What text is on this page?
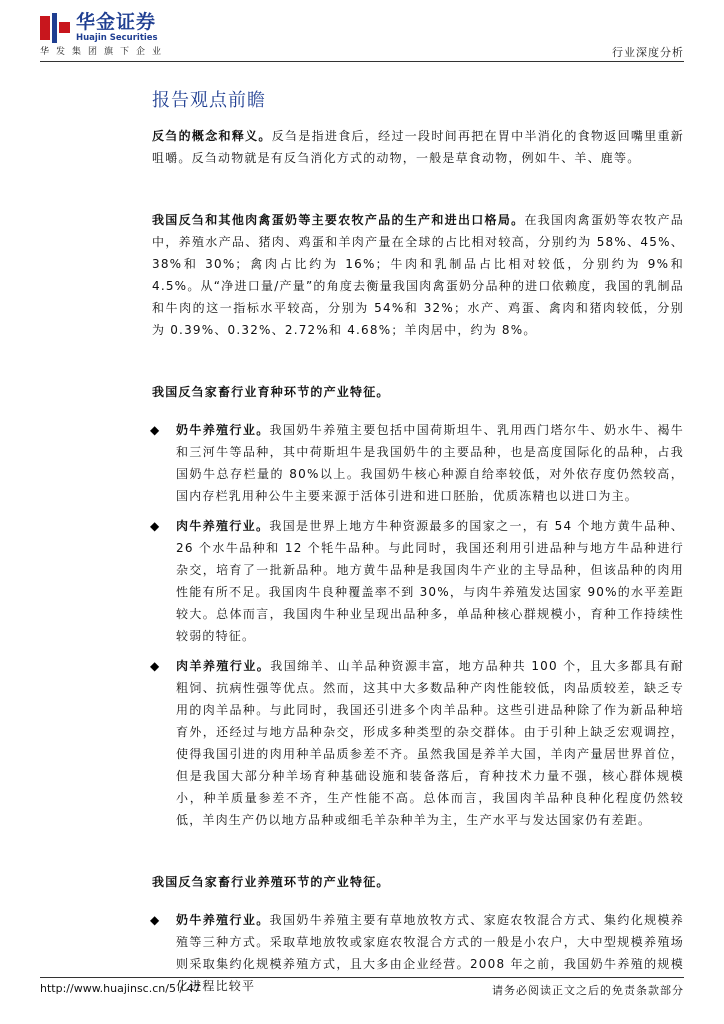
华金证券
Huajin Securities
华发集团旗下企业	行业深度分析
报告观点前瞻

反刍的概念和释义。反刍是指进食后，经过一段时间再把在胃中半消化的食物返回嘴里重新咀嚼。反刍动物就是有反刍消化方式的动物，一般是草食动物，例如牛、羊、鹿等。

我国反刍和其他肉禽蛋奶等主要农牧产品的生产和进出口格局。在我国肉禽蛋奶等农牧产品中，养殖水产品、猪肉、鸡蛋和羊肉产量在全球的占比相对较高，分别约为 58%、45%、38%和 30%；禽肉占比约为 16%；牛肉和乳制品占比相对较低，分别约为 9%和 4.5%。从“净进口量/产量”的角度去衡量我国肉禽蛋奶分品种的进口依赖度，我国的乳制品和牛肉的这一指标水平较高，分别为 54%和 32%；水产、鸡蛋、禽肉和猪肉较低，分别为 0.39%、0.32%、2.72%和 4.68%；羊肉居中，约为 8%。

我国反刍家畜行业育种环节的产业特征。

◆	奶牛养殖行业。我国奶牛养殖主要包括中国荷斯坦牛、乳用西门塔尔牛、奶水牛、褐牛和三河牛等品种，其中荷斯坦牛是我国奶牛的主要品种，也是高度国际化的品种，占我国奶牛总存栏量的 80%以上。我国奶牛核心种源自给率较低，对外依存度仍然较高，国内存栏乳用种公牛主要来源于活体引进和进口胚胎，优质冻精也以进口为主。

◆	肉牛养殖行业。我国是世界上地方牛种资源最多的国家之一，有 54 个地方黄牛品种、26 个水牛品种和 12 个牦牛品种。与此同时，我国还利用引进品种与地方牛品种进行杂交，培育了一批新品种。地方黄牛品种是我国肉牛产业的主导品种，但该品种的肉用性能有所不足。我国肉牛良种覆盖率不到 30%，与肉牛养殖发达国家 90%的水平差距较大。总体而言，我国肉牛种业呈现出品种多，单品种核心群规模小，育种工作持续性较弱的特征。

◆	肉羊养殖行业。我国绵羊、山羊品种资源丰富，地方品种共 100 个，且大多都具有耐粗饲、抗病性强等优点。然而，这其中大多数品种产肉性能较低，肉品质较差，缺乏专用的肉羊品种。与此同时，我国还引进多个肉羊品种。这些引进品种除了作为新品种培育外，还经过与地方品种杂交，形成多种类型的杂交群体。由于引种上缺乏宏观调控，使得我国引进的肉用种羊品质参差不齐。虽然我国是养羊大国，羊肉产量居世界首位，但是我国大部分种羊场育种基础设施和装备落后，育种技术力量不强，核心群体规模小，种羊质量参差不齐，生产性能不高。总体而言，我国肉羊品种良种化程度仍然较低，羊肉生产仍以地方品种或细毛羊杂种羊为主，生产水平与发达国家仍有差距。

我国反刍家畜行业养殖环节的产业特征。

◆	奶牛养殖行业。我国奶牛养殖主要有草地放牧方式、家庭农牧混合方式、集约化规模养殖等三种方式。采取草地放牧或家庭农牧混合方式的一般是小农户，大中型规模养殖场则采取集约化规模养殖方式，且大多由企业经营。2008 年之前，我国奶牛养殖的规模化进程比较平

http://www.huajinsc.cn/5 / 47	请务必阅读正文之后的免责条款部分
